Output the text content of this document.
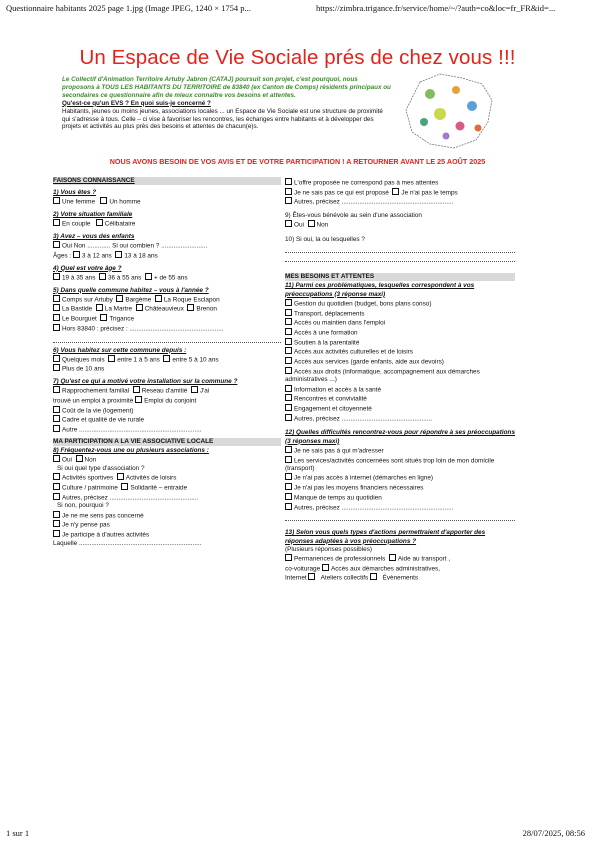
Questionnaire habitants 2025 page 1.jpg (Image JPEG, 1240 × 1754 p...	https://zimbra.trigance.fr/service/home/~/?auth=co&loc=fr_FR&id=...
1 sur 1	28/07/2025, 08:56
Un Espace de Vie Sociale prés de chez vous !!!
Le Collectif d'Animation Territoire Artuby Jabron (CATAJ) poursuit son projet, c'est pourquoi, nous proposons à TOUS LES HABITANTS DU TERRITOIRE de 83840 (ex Canton de Comps) résidents principaux ou secondaires ce questionnaire afin de mieux connaître vos besoins et attentes.
Qu'est-ce qu'un EVS ? En quoi suis-je concerné ?
Habitants, jeunes ou moins jeunes, associations locales ... un Espace de Vie Sociale est une structure de proximité qui s'adresse à tous. Celle – ci vise à favoriser les rencontres, les échanges entre habitants et à développer des projets et activités au plus près des besoins et attentes de chacun(e)s.
NOUS AVONS BESOIN DE VOS AVIS ET DE VOTRE PARTICIPATION ! A RETOURNER AVANT LE 25 AOÛT 2025
FAISONS CONNAISSANCE
1) Vous êtes ?
Une femme Un homme
2) Votre situation familiale
En couple Célibataire
3) Avez – vous des enfants
Oui Non ............. Si oui combien ? ..........................
Âges : 3 à 12 ans 13 à 18 ans
4) Quel est votre âge ?
19 à 35 ans 36 à 55 ans + de 55 ans
5) Dans quelle commune habitez – vous à l'année ?
Comps sur Artuby Bargème La Roque Esclapon
La Bastide La Martre Châteauvieux Brenon
Le Bourguet Trigance
Hors 83840 : précisez : .....................................................
6) Vous habitez sur cette commune depuis :
Quelques mois entre 1 à 5 ans entre 5 à 10 ans
Plus de 10 ans
7) Qu'est ce qui a motivé votre installation sur la commune ?
Rapprochement familial Reseau d'amitié J'ai
trouvé un emploi à proximité Emploi du conjoint
Coût de la vie (logement)
Cadre et qualité de vie rurale
Autre .....................................................................
MA PARTICIPATION A LA VIE ASSOCIATIVE LOCALE
8) Fréquentez-vous une ou plusieurs associations :
Oui Non
Si oui quel type d'association ?
Activités sportives Activités de loisirs
Culture / patrimoine Solidarité – entraide
Autres, précisez ..................................................
Si non, pourquoi ?
Je ne me sens pas concerné
Je n'y pense pas
Je participe à d'autres activités
Laquelle .....................................................................
L'offre proposée ne correspond pas à mes attentes
Je ne sais pas ce qui est proposé Je n'ai pas le temps
Autres, précisez ...............................................................
9) Êtes-vous bénévole au sein d'une association
Oui Non
10) Si oui, la ou lesquelles ?
MES BESOINS ET ATTENTES
11) Parmi ces problématiques, lesquelles correspondent à vos préoccupations (3 réponse maxi)
Gestion du quotidien (budget, bons plans conso)
Transport, déplacements
Accès ou maintien dans l'emploi
Accès à une formation
Soutien à la parentalité
Accès aux activités culturelles et de loisirs
Accès aux services (garde enfants, aide aux devoirs)
Accès aux droits (informatique, accompagnement aux démarches administratives ...)
Information et accès à la santé
Rencontres et convivialité
Engagement et citoyenneté
Autres, précisez ...................................................
12) Quelles difficultés rencontrez-vous pour répondre à ses préoccupations (3 réponses maxi)
Je ne sais pas à qui m'adresser
Les services/activités concernées sont situés trop loin de mon domicile (transport)
Je n'ai pas accès à internet (démarches en ligne)
Je n'ai pas les moyens financiers nécessaires
Manque de temps au quotidien
Autres, précisez ...............................................................
13) Selon vous quels types d'actions permettraient d'apporter des réponses adaptées à vos préoccupations ?
(Plusieurs réponses possibles)
Permanences de professionnels Aide au transport ,
co-voiturage Accès aux démarches administratives,
Internet Ateliers collectifs Évènements
